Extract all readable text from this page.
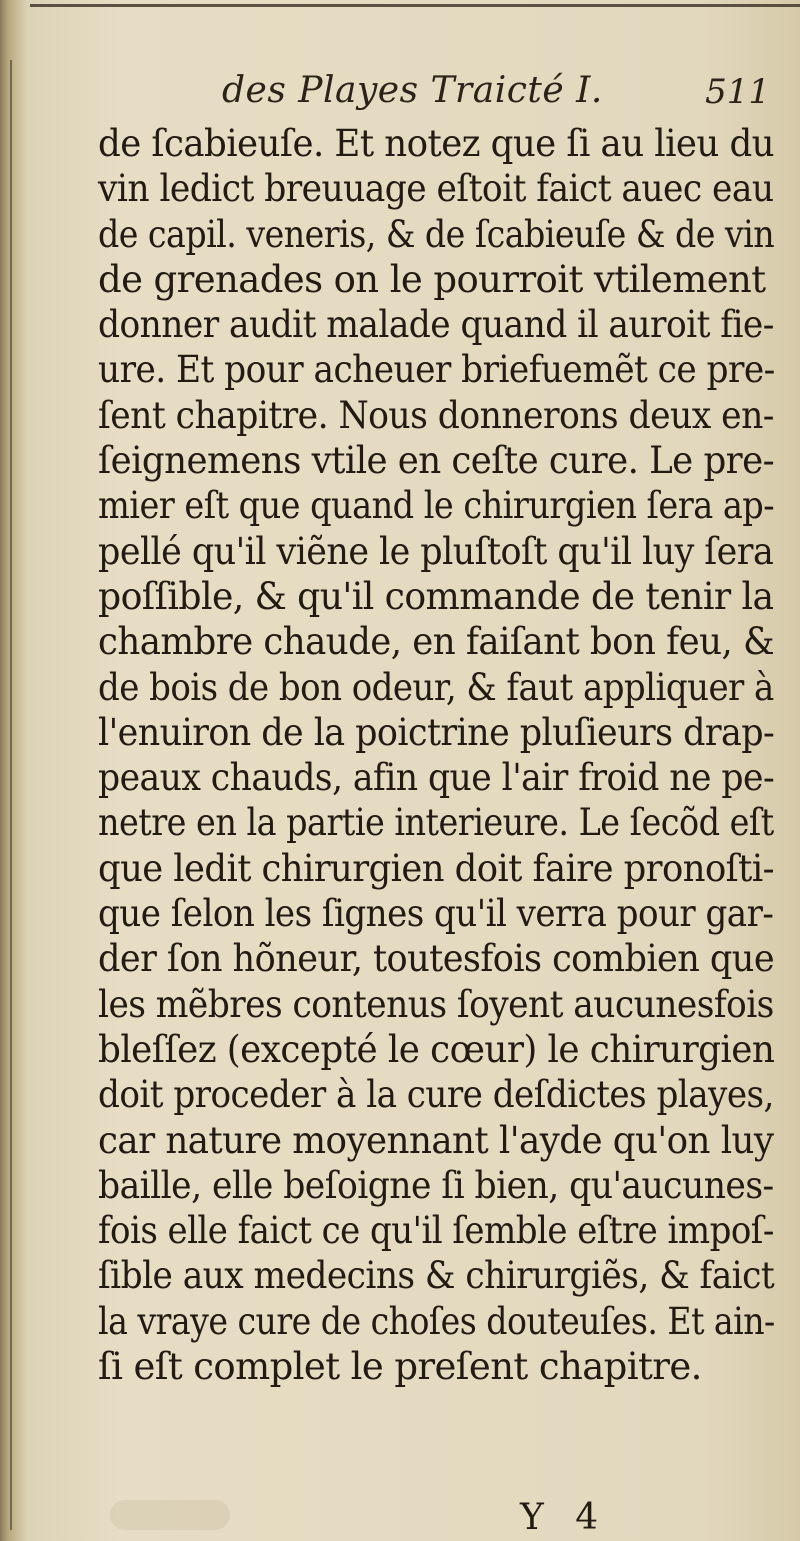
des Playes Traicté I.	511
de ſcabieuſe. Et notez que ſi au lieu du
vin ledict breuuage eſtoit faict auec eau
de capil. veneris, & de ſcabieuſe & de vin
de grenades on le pourroit vtilement
donner audit malade quand il auroit fie-
ure. Et pour acheuer briefuemẽt ce pre-
ſent chapitre. Nous donnerons deux en-
ſeignemens vtile en ceſte cure. Le pre-
mier eſt que quand le chirurgien ſera ap-
pellé qu'il viẽne le pluſtoſt qu'il luy ſera
poſſible, & qu'il commande de tenir la
chambre chaude, en faiſant bon feu, &
de bois de bon odeur, & faut appliquer à
l'enuiron de la poictrine pluſieurs drap-
peaux chauds, afin que l'air froid ne pe-
netre en la partie interieure. Le ſecõd eſt
que ledit chirurgien doit faire pronoſti-
que ſelon les ſignes qu'il verra pour gar-
der ſon hõneur, toutesfois combien que
les mẽbres contenus ſoyent aucunesfois
bleſſez (excepté le cœur) le chirurgien
doit proceder à la cure deſdictes playes,
car nature moyennant l'ayde qu'on luy
baille, elle beſoigne ſi bien, qu'aucunes-
fois elle faict ce qu'il ſemble eſtre impoſ-
ſible aux medecins & chirurgiẽs, & faict
la vraye cure de choſes douteuſes. Et ain-
ſi eſt complet le preſent chapitre.
Y 4
